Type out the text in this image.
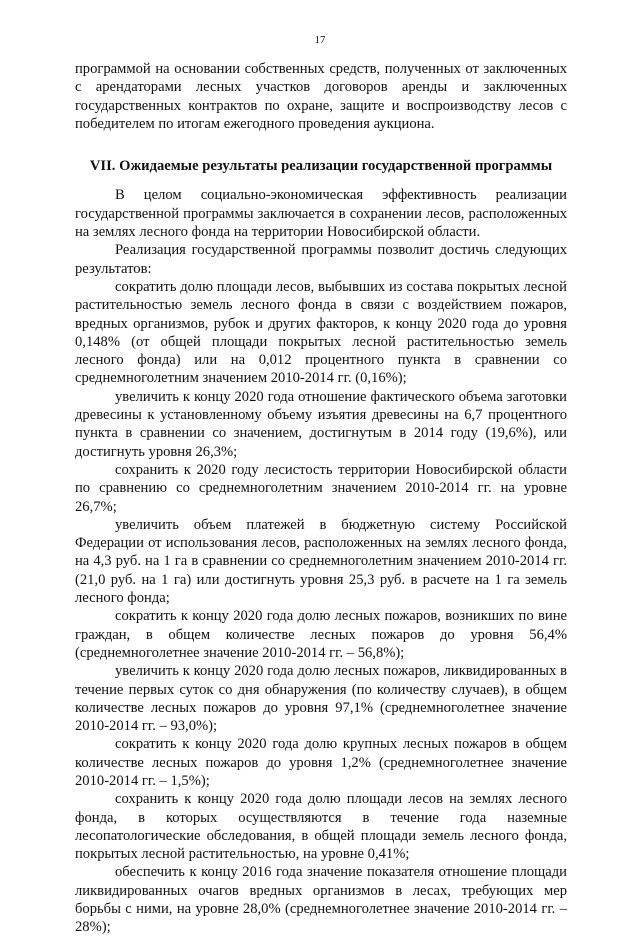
17

программой на основании собственных средств, полученных от заключенных с арендаторами лесных участков договоров аренды и заключенных государственных контрактов по охране, защите и воспроизводству лесов с победителем по итогам ежегодного проведения аукциона.

VII. Ожидаемые результаты реализации государственной программы

В целом социально-экономическая эффективность реализации государственной программы заключается в сохранении лесов, расположенных на землях лесного фонда на территории Новосибирской области.

Реализация государственной программы позволит достичь следующих результатов:

сократить долю площади лесов, выбывших из состава покрытых лесной растительностью земель лесного фонда в связи с воздействием пожаров, вредных организмов, рубок и других факторов, к концу 2020 года до уровня 0,148% (от общей площади покрытых лесной растительностью земель лесного фонда) или на 0,012 процентного пункта в сравнении со среднемноголетним значением 2010-2014 гг. (0,16%);

увеличить к концу 2020 года отношение фактического объема заготовки древесины к установленному объему изъятия древесины на 6,7 процентного пункта в сравнении со значением, достигнутым в 2014 году (19,6%), или достигнуть уровня 26,3%;

сохранить к 2020 году лесистость территории Новосибирской области по сравнению со среднемноголетним значением 2010-2014 гг. на уровне 26,7%;

увеличить объем платежей в бюджетную систему Российской Федерации от использования лесов, расположенных на землях лесного фонда, на 4,3 руб. на 1 га в сравнении со среднемноголетним значением 2010-2014 гг. (21,0 руб. на 1 га) или достигнуть уровня 25,3 руб. в расчете на 1 га земель лесного фонда;

сократить к концу 2020 года долю лесных пожаров, возникших по вине граждан, в общем количестве лесных пожаров до уровня 56,4% (среднемноголетнее значение 2010-2014 гг. – 56,8%);

увеличить к концу 2020 года долю лесных пожаров, ликвидированных в течение первых суток со дня обнаружения (по количеству случаев), в общем количестве лесных пожаров до уровня 97,1% (среднемноголетнее значение 2010-2014 гг. – 93,0%);

сократить к концу 2020 года долю крупных лесных пожаров в общем количестве лесных пожаров до уровня 1,2% (среднемноголетнее значение 2010-2014 гг. – 1,5%);

сохранить к концу 2020 года долю площади лесов на землях лесного фонда, в которых осуществляются в течение года наземные лесопатологические обследования, в общей площади земель лесного фонда, покрытых лесной растительностью, на уровне 0,41%;

обеспечить к концу 2016 года значение показателя отношение площади ликвидированных очагов вредных организмов в лесах, требующих мер борьбы с ними, на уровне 28,0% (среднемноголетнее значение 2010-2014 гг. – 28%);
